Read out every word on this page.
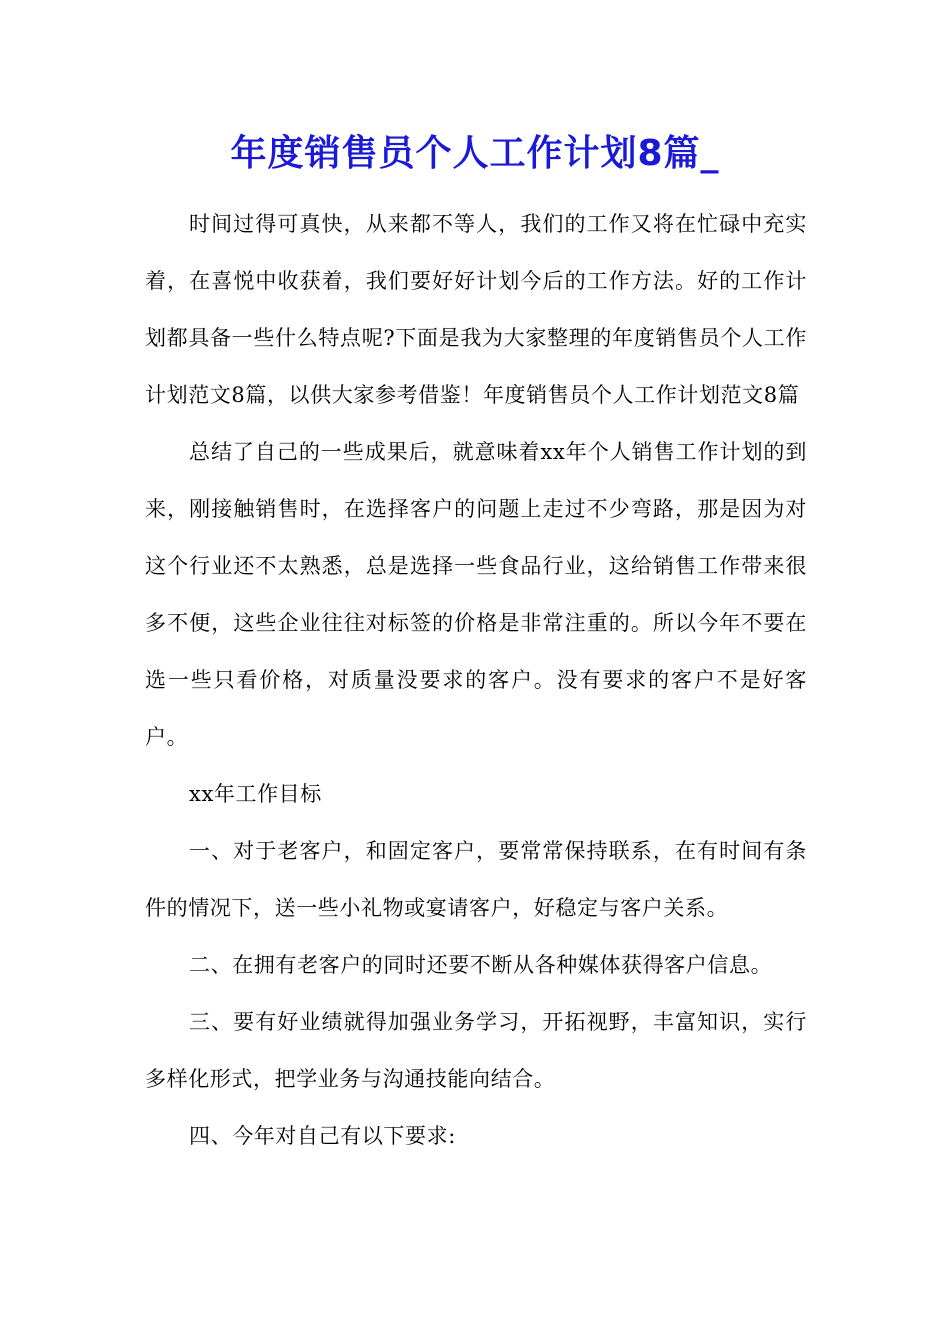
年度销售员个人工作计划8篇_

时间过得可真快，从来都不等人，我们的工作又将在忙碌中充实着，在喜悦中收获着，我们要好好计划今后的工作方法。好的工作计划都具备一些什么特点呢?下面是我为大家整理的年度销售员个人工作计划范文8篇，以供大家参考借鉴！年度销售员个人工作计划范文8篇

总结了自己的一些成果后，就意味着xx年个人销售工作计划的到来，刚接触销售时，在选择客户的问题上走过不少弯路，那是因为对这个行业还不太熟悉，总是选择一些食品行业，这给销售工作带来很多不便，这些企业往往对标签的价格是非常注重的。所以今年不要在选一些只看价格，对质量没要求的客户。没有要求的客户不是好客户。

xx年工作目标

一、对于老客户，和固定客户，要常常保持联系，在有时间有条件的情况下，送一些小礼物或宴请客户，好稳定与客户关系。

二、在拥有老客户的同时还要不断从各种媒体获得客户信息。

三、要有好业绩就得加强业务学习，开拓视野，丰富知识，实行多样化形式，把学业务与沟通技能向结合。

四、今年对自己有以下要求:
